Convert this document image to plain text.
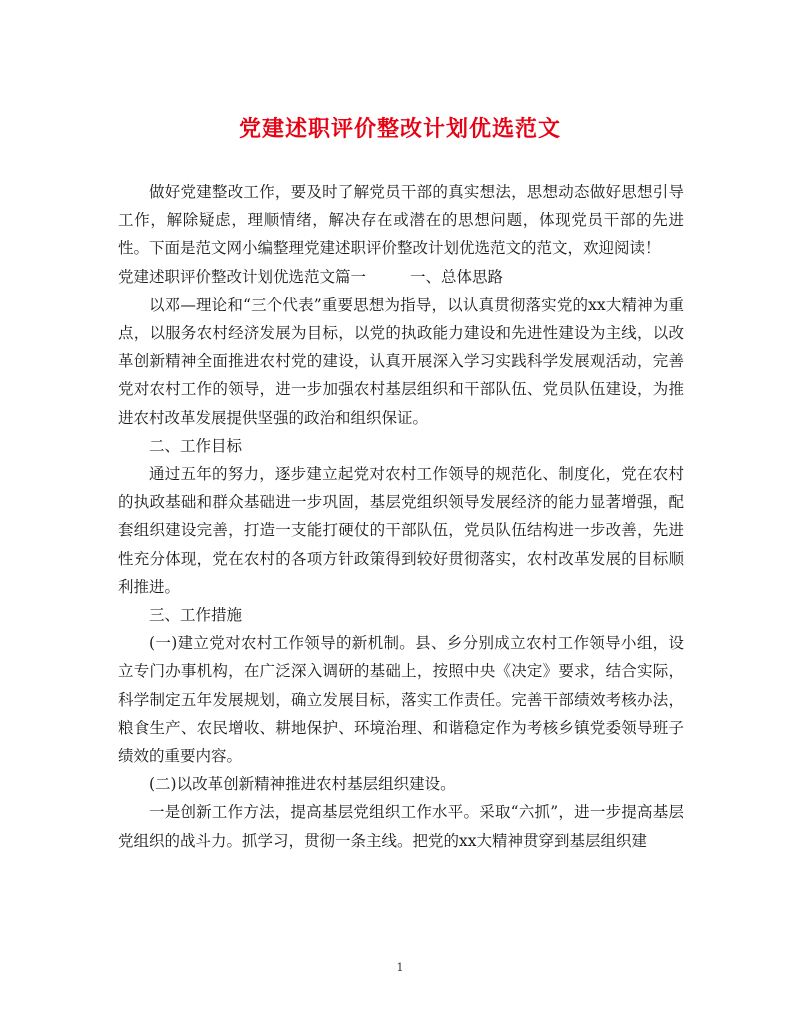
党建述职评价整改计划优选范文

做好党建整改工作，要及时了解党员干部的真实想法，思想动态做好思想引导工作，解除疑虑，理顺情绪，解决存在或潜在的思想问题，体现党员干部的先进性。下面是范文网小编整理党建述职评价整改计划优选范文的范文，欢迎阅读！

党建述职评价整改计划优选范文篇一	一、总体思路

以邓—理论和“三个代表”重要思想为指导，以认真贯彻落实党的xx大精神为重点，以服务农村经济发展为目标，以党的执政能力建设和先进性建设为主线，以改革创新精神全面推进农村党的建设，认真开展深入学习实践科学发展观活动，完善党对农村工作的领导，进一步加强农村基层组织和干部队伍、党员队伍建设，为推进农村改革发展提供坚强的政治和组织保证。

二、工作目标

通过五年的努力，逐步建立起党对农村工作领导的规范化、制度化，党在农村的执政基础和群众基础进一步巩固，基层党组织领导发展经济的能力显著增强，配套组织建设完善，打造一支能打硬仗的干部队伍，党员队伍结构进一步改善，先进性充分体现，党在农村的各项方针政策得到较好贯彻落实，农村改革发展的目标顺利推进。

三、工作措施

(一)建立党对农村工作领导的新机制。县、乡分别成立农村工作领导小组，设立专门办事机构，在广泛深入调研的基础上，按照中央《决定》要求，结合实际，科学制定五年发展规划，确立发展目标，落实工作责任。完善干部绩效考核办法，粮食生产、农民增收、耕地保护、环境治理、和谐稳定作为考核乡镇党委领导班子绩效的重要内容。

(二)以改革创新精神推进农村基层组织建设。

一是创新工作方法，提高基层党组织工作水平。采取“六抓”，进一步提高基层党组织的战斗力。抓学习，贯彻一条主线。把党的xx大精神贯穿到基层组织建

1
